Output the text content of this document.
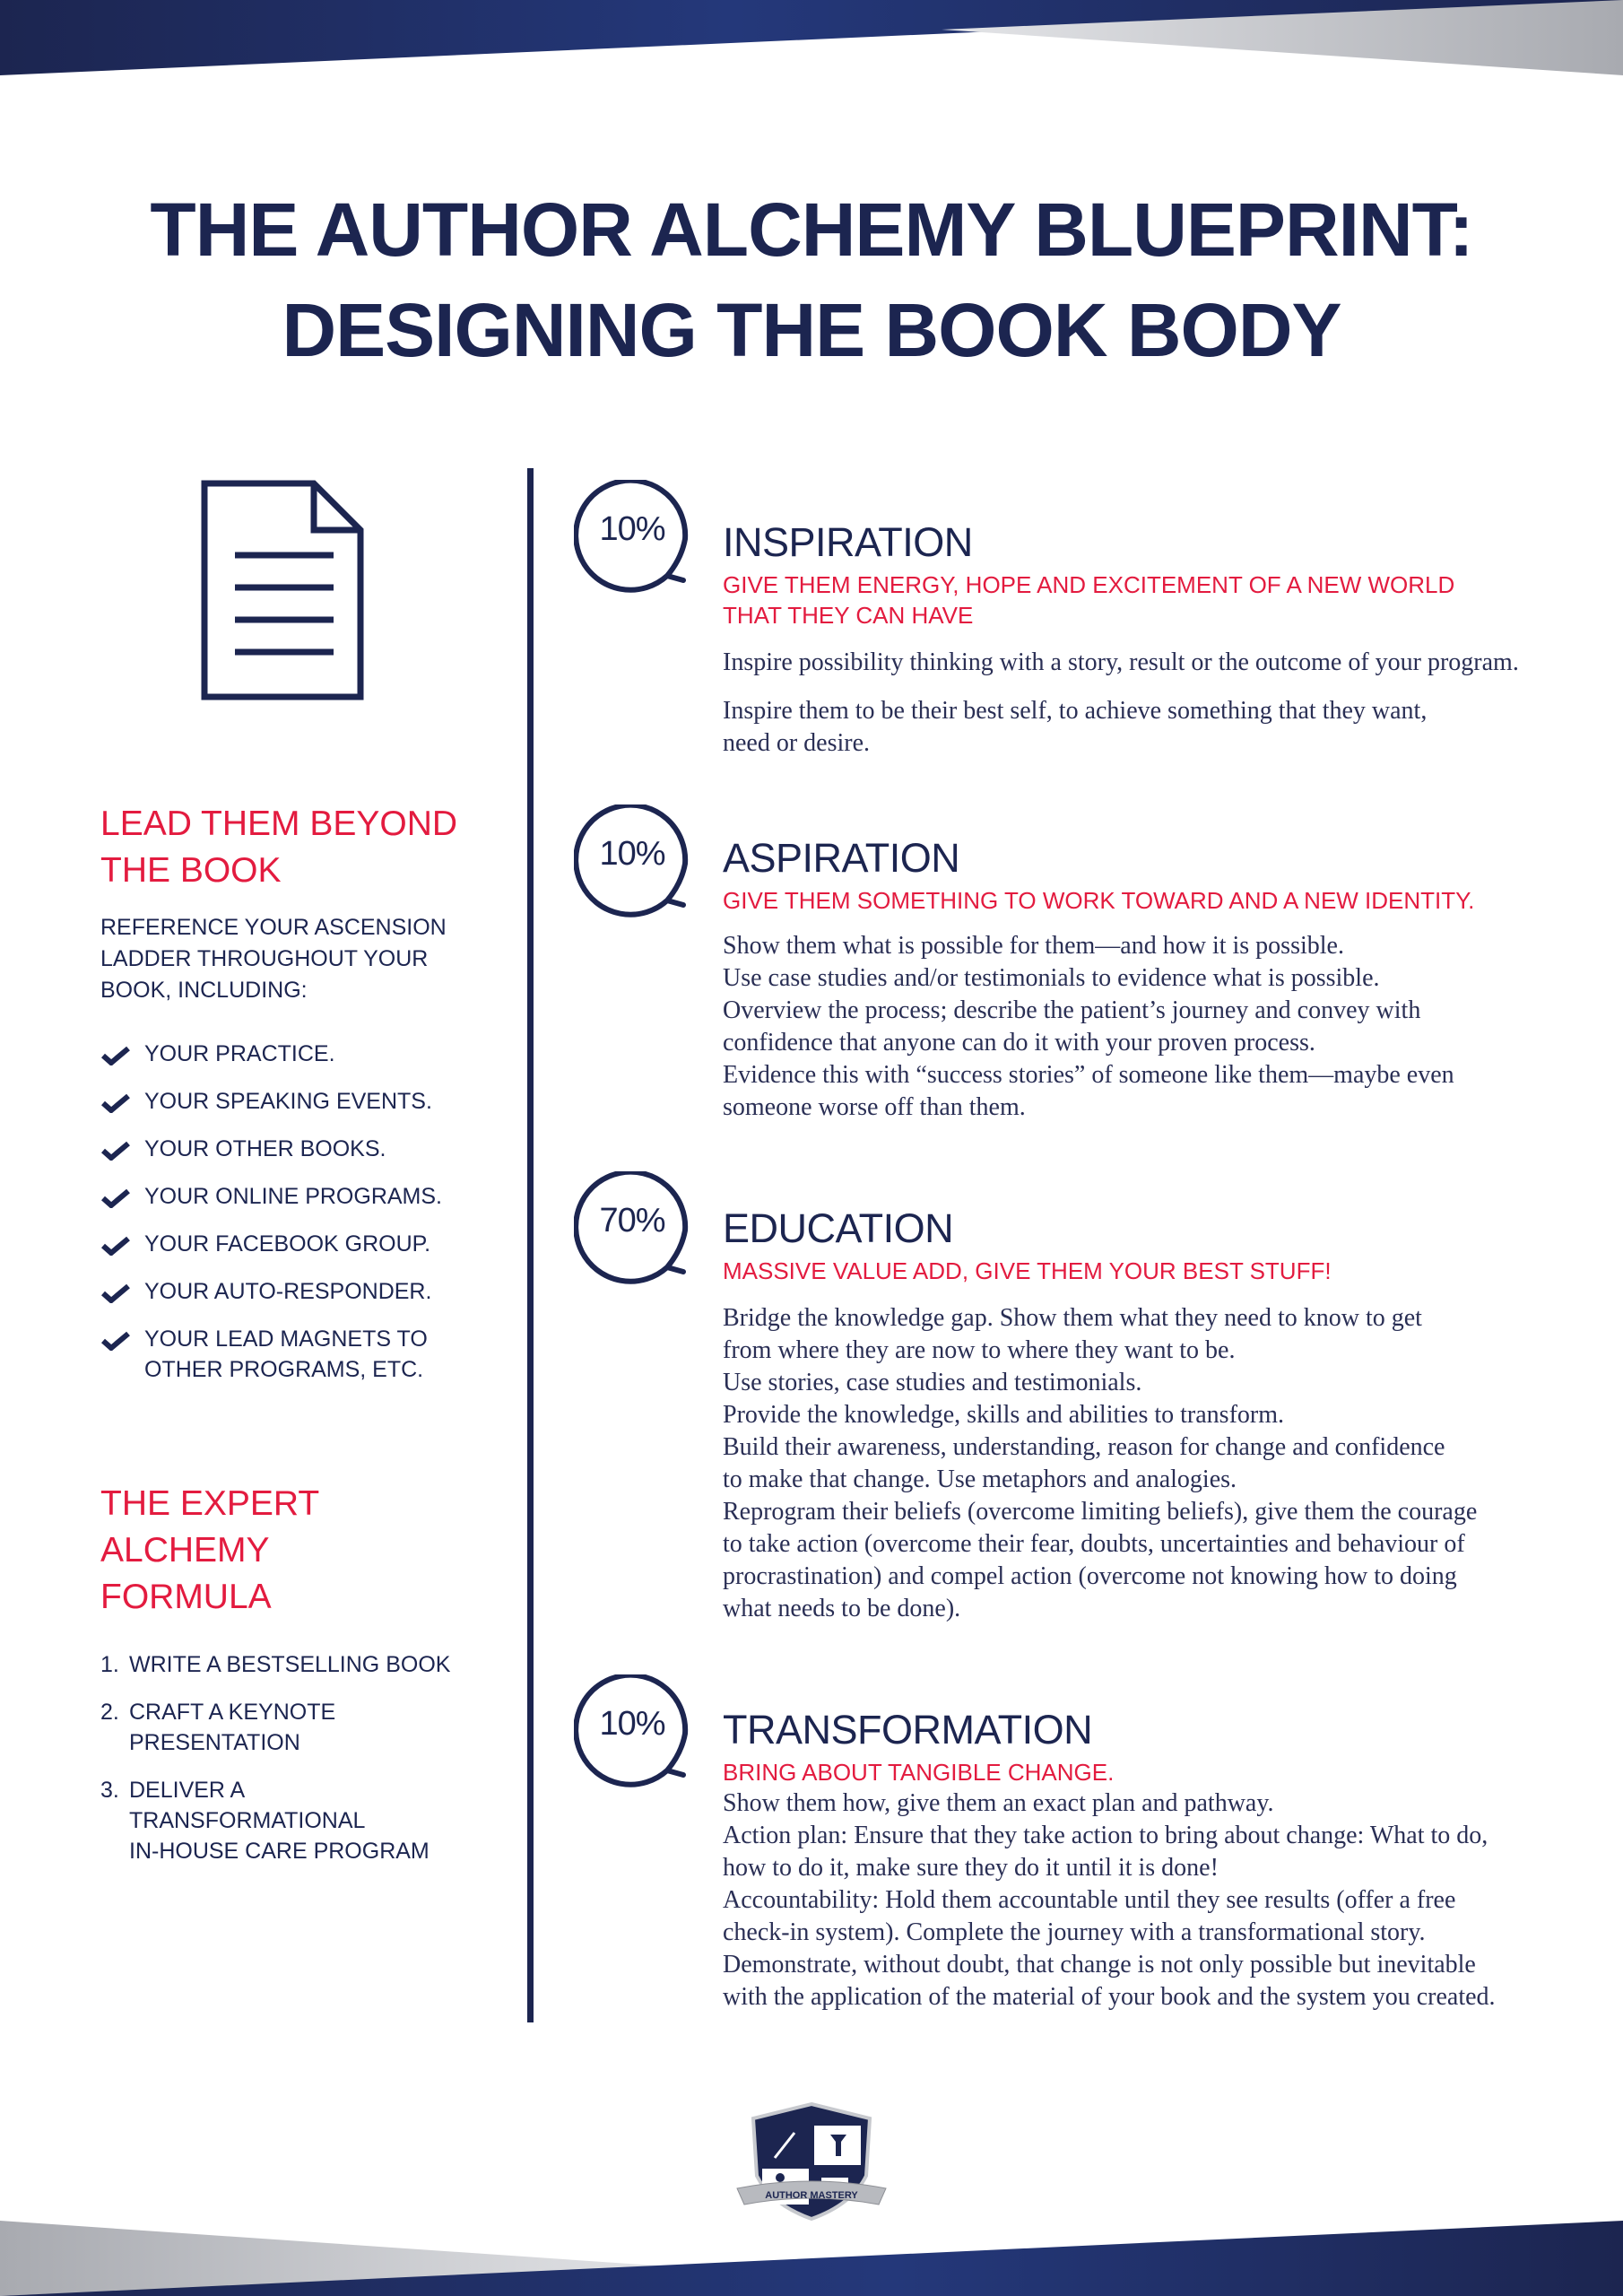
THE AUTHOR ALCHEMY BLUEPRINT:
DESIGNING THE BOOK BODY
LEAD THEM BEYOND
THE BOOK
REFERENCE YOUR ASCENSION
LADDER THROUGHOUT YOUR
BOOK, INCLUDING:
YOUR PRACTICE.
YOUR SPEAKING EVENTS.
YOUR OTHER BOOKS.
YOUR ONLINE PROGRAMS.
YOUR FACEBOOK GROUP.
YOUR AUTO-RESPONDER.
YOUR LEAD MAGNETS TO
OTHER PROGRAMS, ETC.
THE EXPERT ALCHEMY
FORMULA
1. WRITE A BESTSELLING BOOK
2. CRAFT A KEYNOTE
PRESENTATION
3. DELIVER A
TRANSFORMATIONAL
IN-HOUSE CARE PROGRAM
10%
10%
70%
10%
INSPIRATION
GIVE THEM ENERGY, HOPE AND EXCITEMENT OF A NEW WORLD
THAT THEY CAN HAVE
Inspire possibility thinking with a story, result or the outcome of your program.
Inspire them to be their best self, to achieve something that they want,
need or desire.
ASPIRATION
GIVE THEM SOMETHING TO WORK TOWARD AND A NEW IDENTITY.
Show them what is possible for them—and how it is possible.
Use case studies and/or testimonials to evidence what is possible.
Overview the process; describe the patient’s journey and convey with
confidence that anyone can do it with your proven process.
Evidence this with “success stories” of someone like them—maybe even
someone worse off than them.
EDUCATION
MASSIVE VALUE ADD, GIVE THEM YOUR BEST STUFF!
Bridge the knowledge gap. Show them what they need to know to get
from where they are now to where they want to be.
Use stories, case studies and testimonials.
Provide the knowledge, skills and abilities to transform.
Build their awareness, understanding, reason for change and confidence
to make that change. Use metaphors and analogies.
Reprogram their beliefs (overcome limiting beliefs), give them the courage
to take action (overcome their fear, doubts, uncertainties and behaviour of
procrastination) and compel action (overcome not knowing how to doing
what needs to be done).
TRANSFORMATION
BRING ABOUT TANGIBLE CHANGE.
Show them how, give them an exact plan and pathway.
Action plan: Ensure that they take action to bring about change: What to do,
how to do it, make sure they do it until it is done!
Accountability: Hold them accountable until they see results (offer a free
check-in system). Complete the journey with a transformational story.
Demonstrate, without doubt, that change is not only possible but inevitable
with the application of the material of your book and the system you created.
AUTHOR MASTERY
